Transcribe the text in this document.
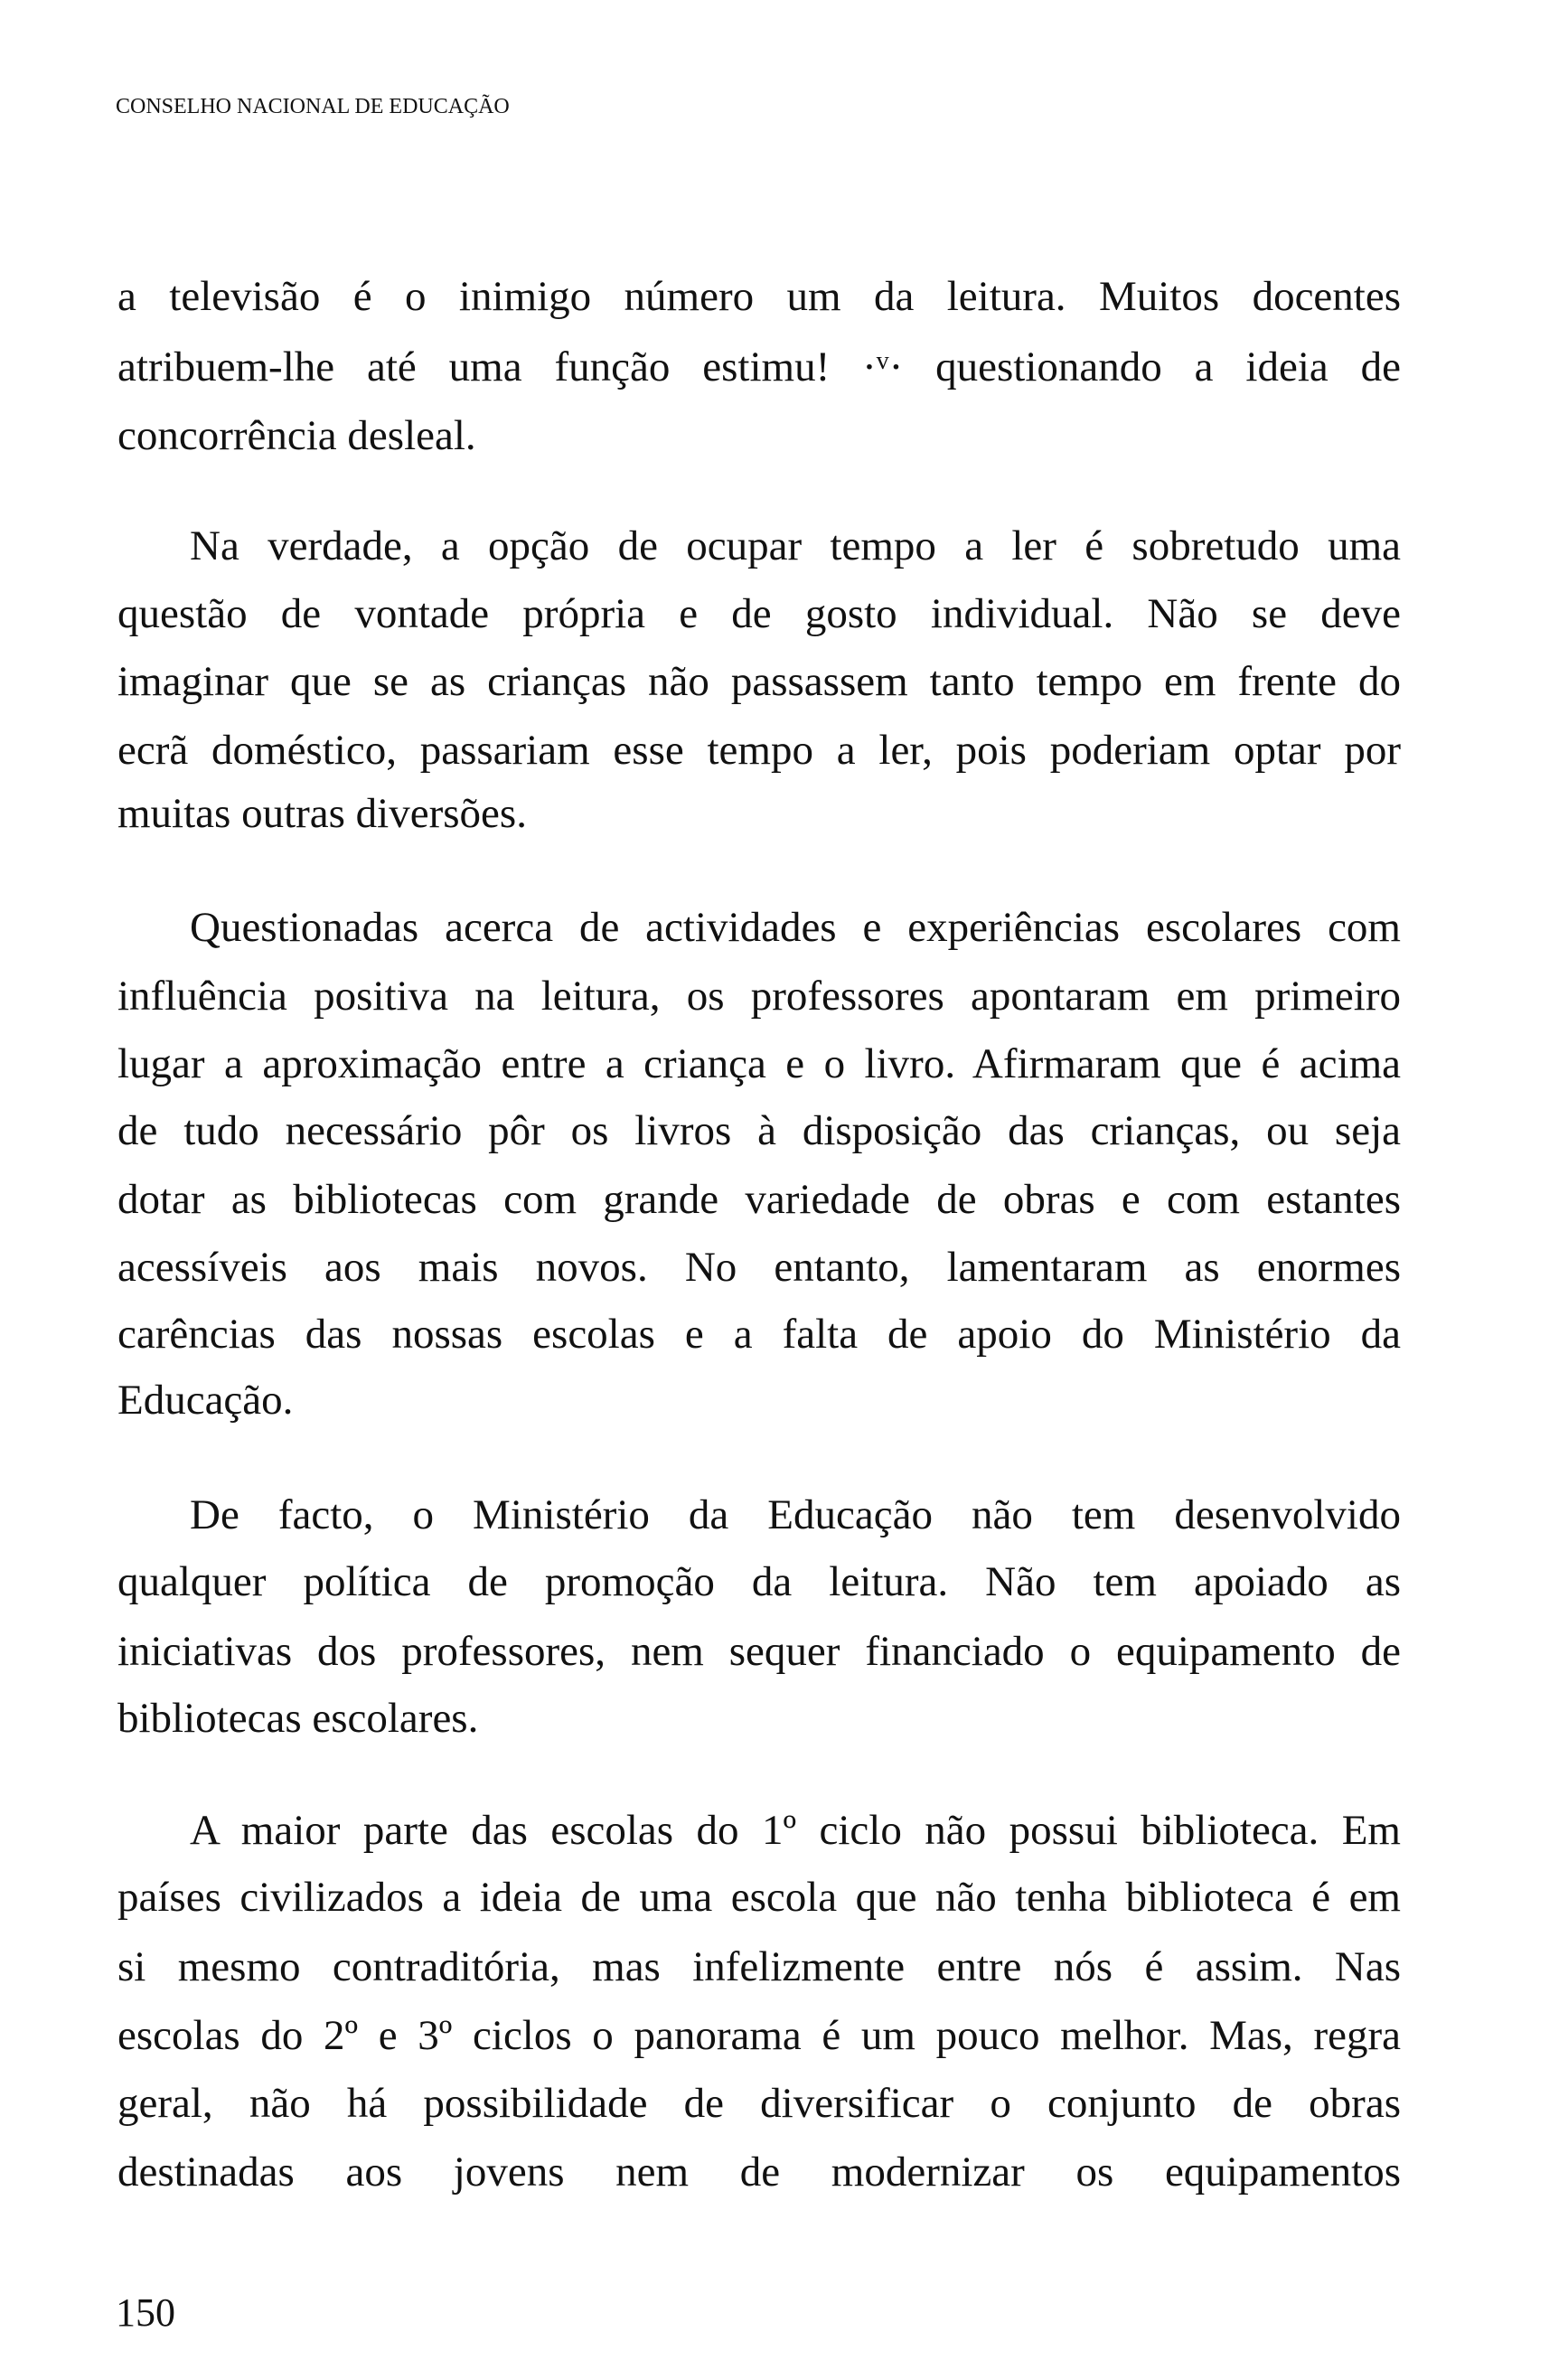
CONSELHO NACIONAL DE EDUCAÇÃO
a televisão é o inimigo número um da leitura. Muitos docentes
atribuem-lhe até uma função estimu! ·ᵛ· questionando a ideia de
concorrência desleal.
Na verdade, a opção de ocupar tempo a ler é sobretudo uma
questão de vontade própria e de gosto individual. Não se deve
imaginar que se as crianças não passassem tanto tempo em frente do
ecrã doméstico, passariam esse tempo a ler, pois poderiam optar por
muitas outras diversões.
Questionadas acerca de actividades e experiências escolares com
influência positiva na leitura, os professores apontaram em primeiro
lugar a aproximação entre a criança e o livro. Afirmaram que é acima
de tudo necessário pôr os livros à disposição das crianças, ou seja
dotar as bibliotecas com grande variedade de obras e com estantes
acessíveis aos mais novos. No entanto, lamentaram as enormes
carências das nossas escolas e a falta de apoio do Ministério da
Educação.
De facto, o Ministério da Educação não tem desenvolvido
qualquer política de promoção da leitura. Não tem apoiado as
iniciativas dos professores, nem sequer financiado o equipamento de
bibliotecas escolares.
A maior parte das escolas do 1º ciclo não possui biblioteca. Em
países civilizados a ideia de uma escola que não tenha biblioteca é em
si mesmo contraditória, mas infelizmente entre nós é assim. Nas
escolas do 2º e 3º ciclos o panorama é um pouco melhor. Mas, regra
geral, não há possibilidade de diversificar o conjunto de obras
destinadas aos jovens nem de modernizar os equipamentos
150
